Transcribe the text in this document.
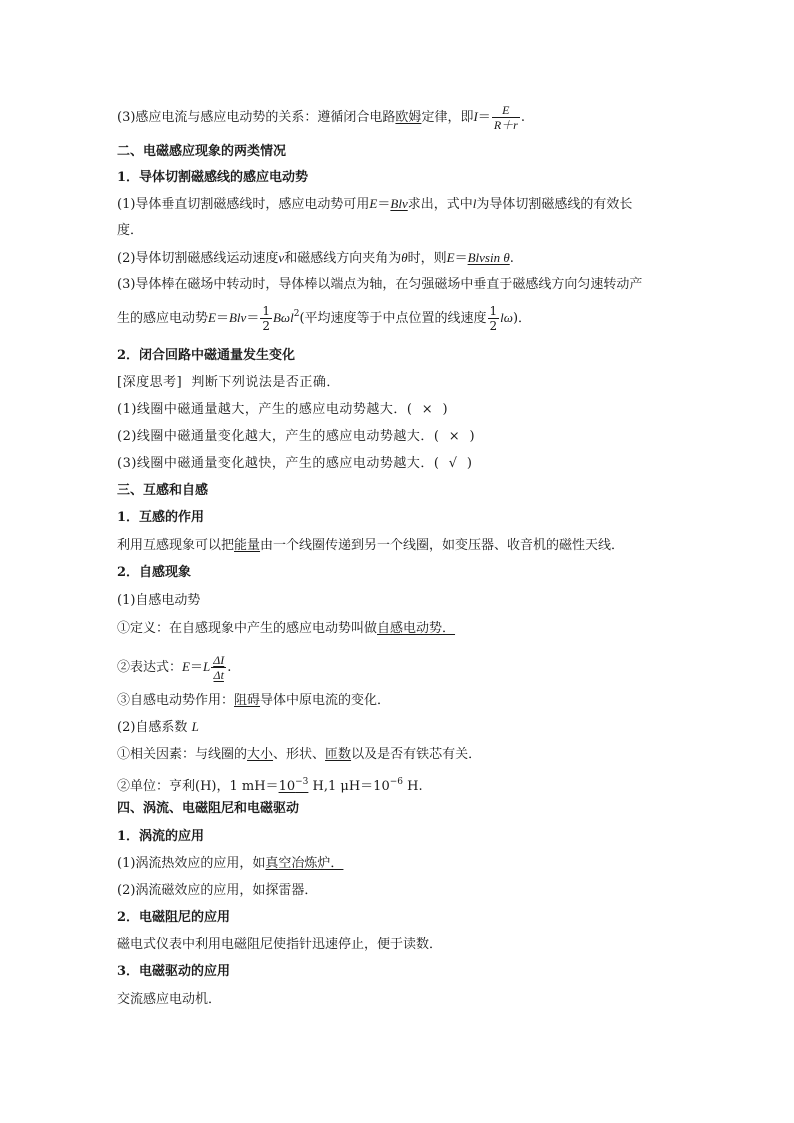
(3)感应电流与感应电动势的关系：遵循闭合电路欧姆定律，即$I= \frac{E}{R+r}$ .
二、电磁感应现象的两类情况
1．导体切割磁感线的感应电动势
(1)导体垂直切割磁感线时，感应电动势可用E＝Blv求出，式中l为导体切割磁感线的有效长
度．
(2)导体切割磁感线运动速度v和磁感线方向夹角为θ时，则E＝Blvsin θ.
(3)导体棒在磁场中转动时，导体棒以端点为轴，在匀强磁场中垂直于磁感线方向匀速转动产
生的感应电动势$E=Blv= \frac{1}{2} B\omega l^2$(平均速度等于中点位置的线速度 $\frac{1}{2} l\omega$)．
2．闭合回路中磁通量发生变化
[深度思考] 判断下列说法是否正确．
(1)线圈中磁通量越大，产生的感应电动势越大．( × )
(2)线圈中磁通量变化越大，产生的感应电动势越大．( × )
(3)线圈中磁通量变化越快，产生的感应电动势越大．( √ )
三、互感和自感
1．互感的作用
利用互感现象可以把能量由一个线圈传递到另一个线圈，如变压器、收音机的磁性天线．
2．自感现象
(1)自感电动势
①定义：在自感现象中产生的感应电动势叫做自感电动势．
②表达式：$E=L \frac{\Delta I}{\Delta t}$ .
③自感电动势作用：阻碍导体中原电流的变化．
(2)自感系数 L
①相关因素：与线圈的大小、形状、匝数以及是否有铁芯有关．
②单位：亨利(H)，1 $mH=10^{-3}$ H,1 $\mu H=10^{-6}$ H.
四、涡流、电磁阻尼和电磁驱动
1．涡流的应用
(1)涡流热效应的应用，如真空冶炼炉．
(2)涡流磁效应的应用，如探雷器．
2．电磁阻尼的应用
磁电式仪表中利用电磁阻尼使指针迅速停止，便于读数．
3．电磁驱动的应用
交流感应电动机．
